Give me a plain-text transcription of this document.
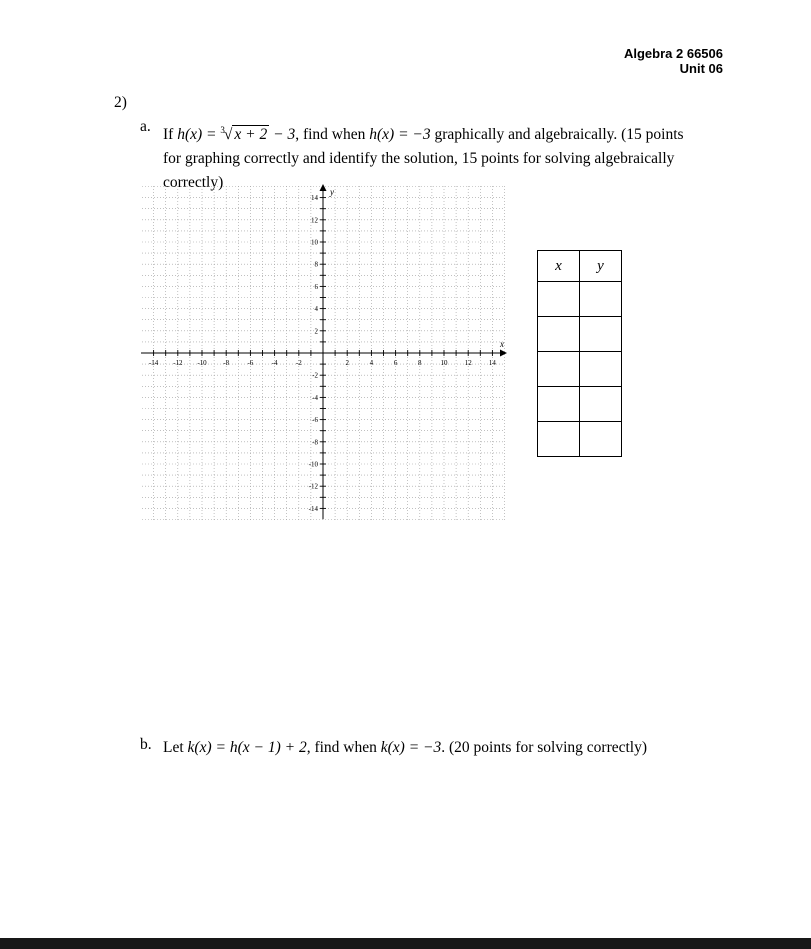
Algebra 2 66506
Unit 06
2)
a. If h(x) = $^3$√ x + 2 − 3, find when h(x) = −3 graphically and algebraically. (15 points
for graphing correctly and identify the solution, 15 points for solving algebraically
correctly)
-14 -12 -10 -8	-6	-4	-2	2	4	6	8	10 12 14
-14
-12
-10
-8
-6
-4
-2
2
4
6
8
10
12
14
x
y
x	y

b. Let k(x) = h(x − 1) + 2, find when k(x) = −3. (20 points for solving correctly)
